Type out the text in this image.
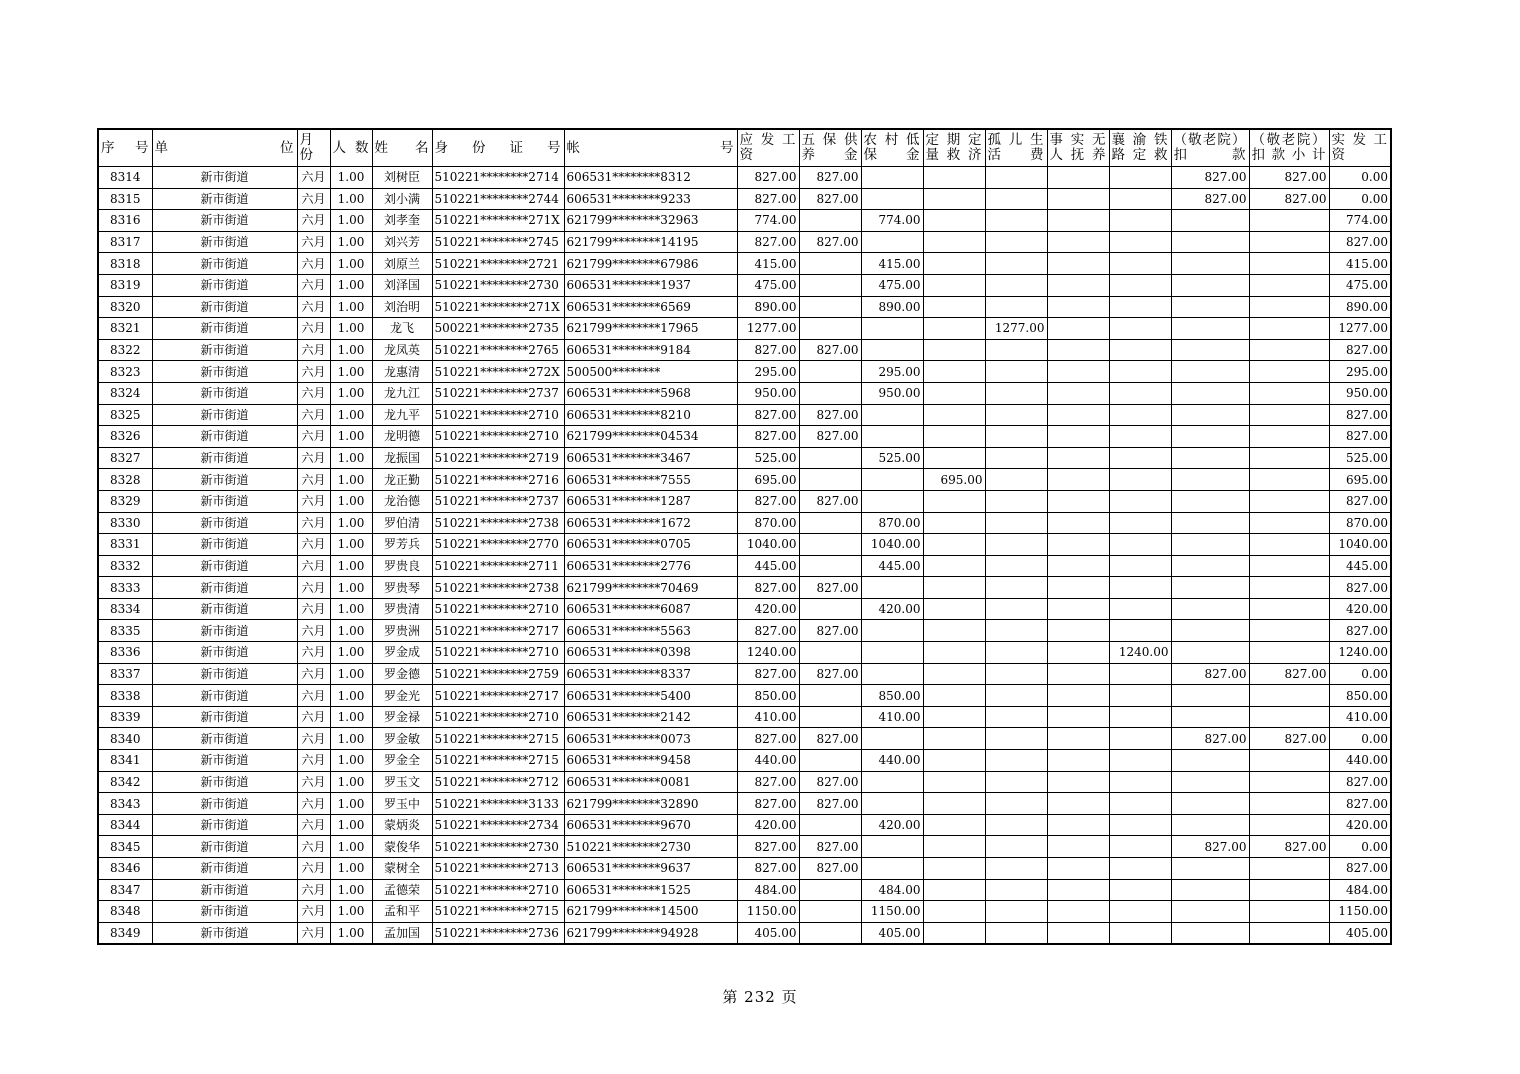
序 号	单 位	月份	人 数	姓 名	身 份 证 号	帐 号	应 发 工 资	五 保 供 养 金	农 村 低 保 金	定 期 定 量 救 济	孤 儿 生 活 费	事 实 无 人 抚 养	襄 渝 铁 路 定 救	（敬老院）扣 款	（敬老院）扣 款 小 计	实 发 工 资
8314	新市街道	六月	1.00	刘树臣	510221********2714	606531********8312	827.00	827.00						827.00	827.00	0.00
8315	新市街道	六月	1.00	刘小满	510221********2744	606531********9233	827.00	827.00						827.00	827.00	0.00
8316	新市街道	六月	1.00	刘孝奎	510221********271X	621799********32963	774.00		774.00							774.00
8317	新市街道	六月	1.00	刘兴芳	510221********2745	621799********14195	827.00	827.00								827.00
8318	新市街道	六月	1.00	刘原兰	510221********2721	621799********67986	415.00		415.00							415.00
8319	新市街道	六月	1.00	刘泽国	510221********2730	606531********1937	475.00		475.00							475.00
8320	新市街道	六月	1.00	刘治明	510221********271X	606531********6569	890.00		890.00							890.00
8321	新市街道	六月	1.00	龙飞	500221********2735	621799********17965	1277.00				1277.00					1277.00
8322	新市街道	六月	1.00	龙凤英	510221********2765	606531********9184	827.00	827.00								827.00
8323	新市街道	六月	1.00	龙惠清	510221********272X	500500********	295.00		295.00							295.00
8324	新市街道	六月	1.00	龙九江	510221********2737	606531********5968	950.00		950.00							950.00
8325	新市街道	六月	1.00	龙九平	510221********2710	606531********8210	827.00	827.00								827.00
8326	新市街道	六月	1.00	龙明德	510221********2710	621799********04534	827.00	827.00								827.00
8327	新市街道	六月	1.00	龙振国	510221********2719	606531********3467	525.00		525.00							525.00
8328	新市街道	六月	1.00	龙正勤	510221********2716	606531********7555	695.00			695.00						695.00
8329	新市街道	六月	1.00	龙治德	510221********2737	606531********1287	827.00	827.00								827.00
8330	新市街道	六月	1.00	罗伯清	510221********2738	606531********1672	870.00		870.00							870.00
8331	新市街道	六月	1.00	罗芳兵	510221********2770	606531********0705	1040.00		1040.00							1040.00
8332	新市街道	六月	1.00	罗贵良	510221********2711	606531********2776	445.00		445.00							445.00
8333	新市街道	六月	1.00	罗贵琴	510221********2738	621799********70469	827.00	827.00								827.00
8334	新市街道	六月	1.00	罗贵清	510221********2710	606531********6087	420.00		420.00							420.00
8335	新市街道	六月	1.00	罗贵洲	510221********2717	606531********5563	827.00	827.00								827.00
8336	新市街道	六月	1.00	罗金成	510221********2710	606531********0398	1240.00						1240.00			1240.00
8337	新市街道	六月	1.00	罗金德	510221********2759	606531********8337	827.00	827.00						827.00	827.00	0.00
8338	新市街道	六月	1.00	罗金光	510221********2717	606531********5400	850.00		850.00							850.00
8339	新市街道	六月	1.00	罗金禄	510221********2710	606531********2142	410.00		410.00							410.00
8340	新市街道	六月	1.00	罗金敏	510221********2715	606531********0073	827.00	827.00						827.00	827.00	0.00
8341	新市街道	六月	1.00	罗金全	510221********2715	606531********9458	440.00		440.00							440.00
8342	新市街道	六月	1.00	罗玉文	510221********2712	606531********0081	827.00	827.00								827.00
8343	新市街道	六月	1.00	罗玉中	510221********3133	621799********32890	827.00	827.00								827.00
8344	新市街道	六月	1.00	蒙炳炎	510221********2734	606531********9670	420.00		420.00							420.00
8345	新市街道	六月	1.00	蒙俊华	510221********2730	510221********2730	827.00	827.00						827.00	827.00	0.00
8346	新市街道	六月	1.00	蒙树全	510221********2713	606531********9637	827.00	827.00								827.00
8347	新市街道	六月	1.00	孟德荣	510221********2710	606531********1525	484.00		484.00							484.00
8348	新市街道	六月	1.00	孟和平	510221********2715	621799********14500	1150.00		1150.00							1150.00
8349	新市街道	六月	1.00	孟加国	510221********2736	621799********94928	405.00		405.00							405.00
第 232 页
